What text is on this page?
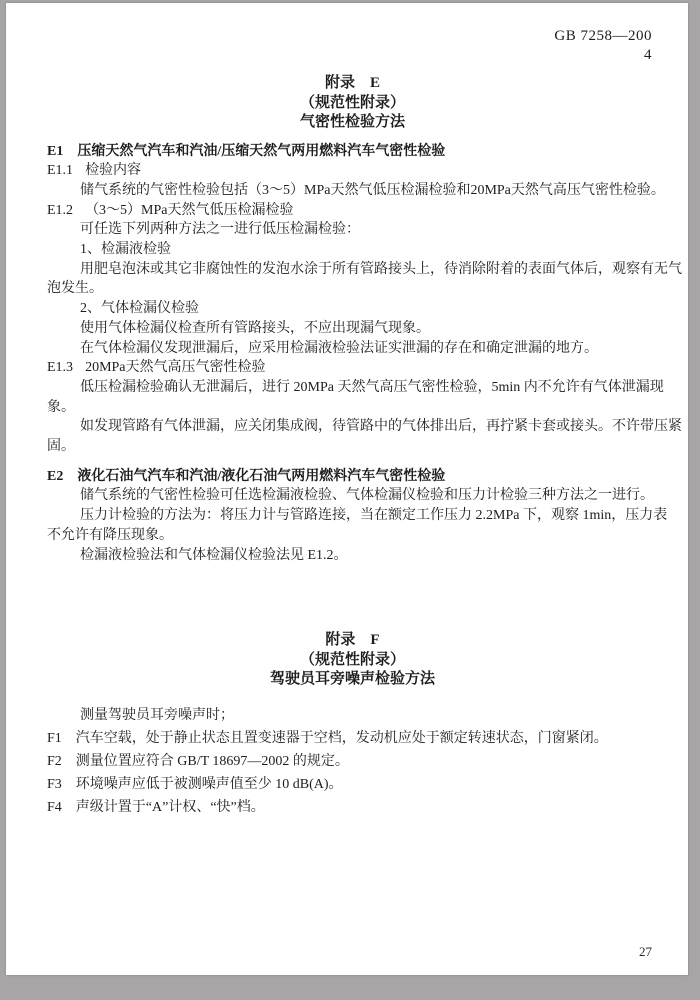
GB 7258—200
4
附录　E
（规范性附录）
气密性检验方法
E1 压缩天然气汽车和汽油/压缩天然气两用燃料汽车气密性检验
E1.1 检验内容
储气系统的气密性检验包括（3～5）MPa天然气低压检漏检验和20MPa天然气高压气密性检验。
E1.2 （3～5）MPa天然气低压检漏检验
可任选下列两种方法之一进行低压检漏检验：
1、检漏液检验
用肥皂泡沫或其它非腐蚀性的发泡水涂于所有管路接头上，待消除附着的表面气体后，观察有无气
泡发生。
2、气体检漏仪检验
使用气体检漏仪检查所有管路接头，不应出现漏气现象。
在气体检漏仪发现泄漏后，应采用检漏液检验法证实泄漏的存在和确定泄漏的地方。
E1.3 20MPa天然气高压气密性检验
低压检漏检验确认无泄漏后，进行 20MPa 天然气高压气密性检验，5min 内不允许有气体泄漏现
象。
如发现管路有气体泄漏，应关闭集成阀，待管路中的气体排出后，再拧紧卡套或接头。不许带压紧
固。
E2 液化石油气汽车和汽油/液化石油气两用燃料汽车气密性检验
储气系统的气密性检验可任选检漏液检验、气体检漏仪检验和压力计检验三种方法之一进行。
压力计检验的方法为：将压力计与管路连接，当在额定工作压力 2.2MPa 下，观察 1min，压力表
不允许有降压现象。
检漏液检验法和气体检漏仪检验法见 E1.2。
附录　F
（规范性附录）
驾驶员耳旁噪声检验方法
测量驾驶员耳旁噪声时；
F1 汽车空载，处于静止状态且置变速器于空档，发动机应处于额定转速状态，门窗紧闭。
F2 测量位置应符合 GB/T 18697—2002 的规定。
F3 环境噪声应低于被测噪声值至少 10 dB(A)。
F4 声级计置于“A”计权、“快”档。
27
